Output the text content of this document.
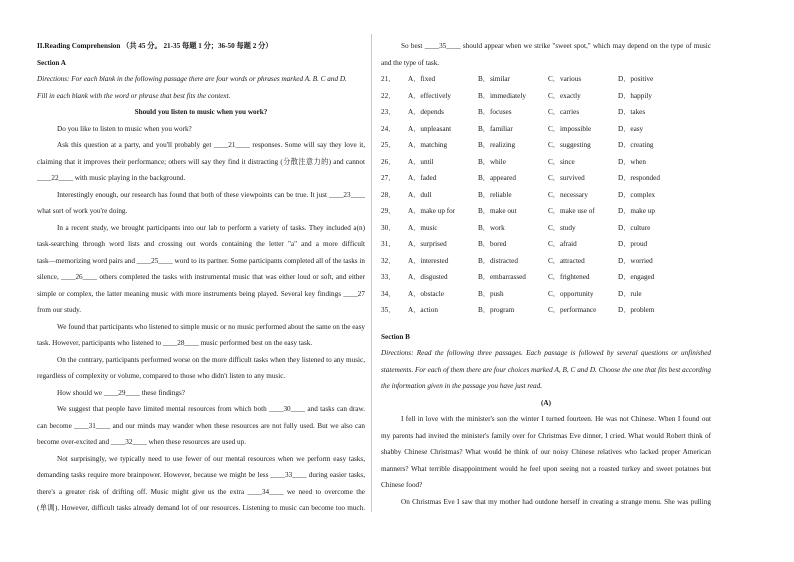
II.Reading Comprehension （共 45 分。 21-35 每题 1 分；36-50 每题 2 分）

Section A

Directions: For each blank in the following passage there are four words or phrases marked A. B. C and D.

Fill in each blank with the word or phrase that best fits the context.

Should you listen to music when you work?

Do you like to listen to music when you work?

Ask this question at a party, and you'll probably get ____21____ responses. Some will say they love it,

claiming that it improves their performance; others will say they find it distracting (分散注意力的) and cannot

____22____ with music playing in the background.

Interestingly enough, our research has found that both of these viewpoints can be true. It just ____23____

what sort of work you're doing.

In a recent study, we brought participants into our lab to perform a variety of tasks. They included a(n)

task-searching through word lists and crossing out words containing the letter "a" and a more difficult

task—memorizing word pairs and ____25____ word to its partner. Some participants completed all of the tasks in

silence, ____26____ others completed the tasks with instrumental music that was either loud or soft, and either

simple or complex, the latter meaning music with more instruments being played. Several key findings ____27

from our study.

We found that participants who listened to simple music or no music performed about the same on the easy

task. However, participants who listened to ____28____ music performed best on the easy task.

On the contrary, participants performed worse on the more difficult tasks when they listened to any music,

regardless of complexity or volume, compared to those who didn't listen to any music.

How should we ____29____ these findings?

We suggest that people have limited mental resources from which both ____30____ and tasks can draw.

can become ____31____ and our minds may wander when these resources are not fully used. But we also can

become over-excited and ____32____ when these resources are used up.

Not surprisingly, we typically need to use fewer of our mental resources when we perform easy tasks,

demanding tasks require more brainpower. However, because we might be less ____33____ during easier tasks,

there's a greater risk of drifting off. Music might give us the extra ____34____ we need to overcome the

(单调). However, difficult tasks already demand lot of our resources. Listening to music can become too much.

So best ____35____ should appear when we strike "sweet spot," which may depend on the type of music

and the type of task.

21．	A．fixed	B．similar	C．various	D．positive
22．	A．effectively	B．immediately	C．exactly	D．happily
23．	A．depends	B．focuses	C．carries	D．takes
24．	A．unpleasant	B．familiar	C．impossible	D．easy
25．	A．matching	B．realizing	C．suggesting	D．creating
26．	A．until	B．while	C．since	D．when
27．	A．faded	B．appeared	C．survived	D．responded
28．	A．dull	B．reliable	C．necessary	D．complex
29．	A．make up for	B．make out	C．make use of	D．make up
30．	A．music	B．work	C．study	D．culture
31．	A．surprised	B．bored	C．afraid	D．proud
32．	A．interested	B．distracted	C．attracted	D．worried
33．	A．disgusted	B．embarrassed	C．frightened	D．engaged
34．	A．obstacle	B．push	C．opportunity	D．rule
35．	A．action	B．program	C．performance	D．problem

Section B

Directions: Read the following three passages. Each passage is followed by several questions or unfinished

statements. For each of them there are four choices marked A, B, C and D. Choose the one that fits best according

the information given in the passage you have just read.

(A)

I fell in love with the minister's son the winter I turned fourteen. He was not Chinese. When I found out

my parents had invited the minister's family over for Christmas Eve dinner, I cried. What would Robert think of

shabby Chinese Christmas? What would he think of our noisy Chinese relatives who lacked proper American

manners? What terrible disappointment would he feel upon seeing not a roasted turkey and sweet potatoes but

Chinese food?

On Christmas Eve I saw that my mother had outdone herself in creating a strange menu. She was pulling
